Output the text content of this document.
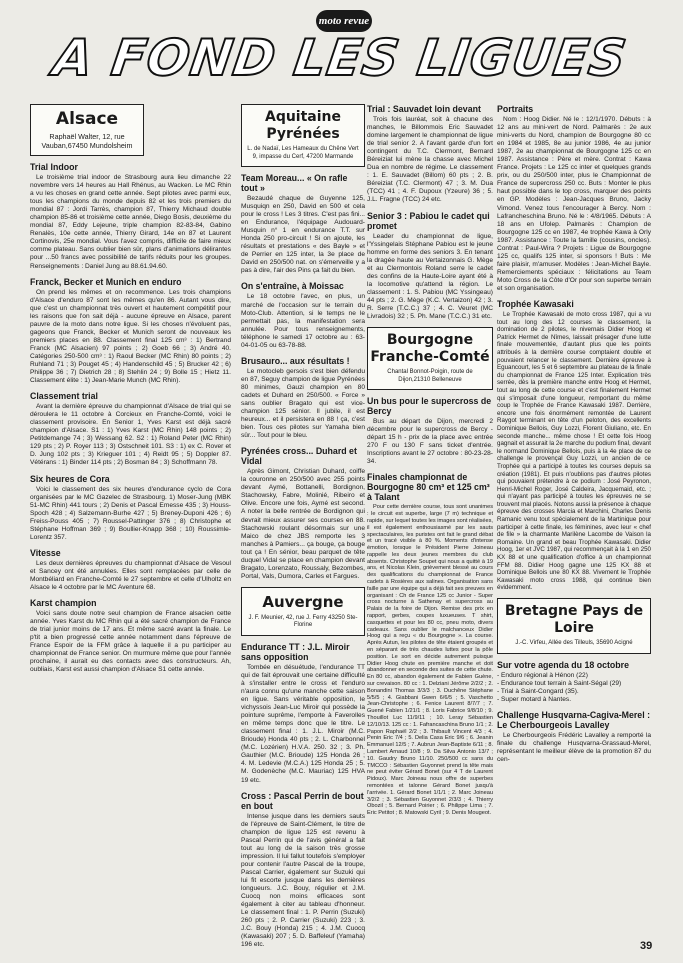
moto revue
A FOND LES LIGUES
Alsace
Raphaël Walter, 12, rue Vauban,67450 Mundolsheim
Trial Indoor

Le troisième trial indoor de Strasbourg aura lieu dimanche 22 novembre vers 14 heures au Hall Rhénus, au Wacken. Le MC Rhin a vu les choses en grand cette année. Sept pilotes avec parmi eux, tous les champions du monde depuis 82 et les trois premiers du mondial 87 : Jordi Tarrès, champion 87, Thierry Michaud double champion 85-86 et troisième cette année, Diego Bosis, deuxième du mondial 87, Eddy Lejeune, triple champion 82-83-84, Gabino Renalès, 10e cette année, Thierry Girard, 14e en 87 et Laurent Cortinovis, 25e mondial. Vous l'avez compris, difficile de faire mieux comme plateau. Sans oublier bien sûr, plans d'animations délirantes pour ...50 francs avec possibilité de tarifs réduits pour les groupes. Renseignements : Daniel Jung au 88.61.94.60.

Franck, Becker et Munich en enduro

On prend les mêmes et on recommence. Les trois champions d'Alsace d'enduro 87 sont les mêmes qu'en 86. Autant vous dire, que c'est un championnat très ouvert et hautement compétitif pour les raisons que l'on sait déjà - aucune épreuve en Alsace, parent pauvre de la moto dans notre ligue. Si les choses n'évoluent pas, gageons que Franck, Becker et Munich seront de nouveaux les premiers places en 88. Classement final 125 cm³ : 1) Bertrand Franck (MC Alsacien) 97 points ; 2) Goeb 66 ; 3) André 40. Catégories 250-500 cm³ : 1) Raoul Becker (MC Rhin) 80 points ; 2) Ruhland 71 ; 3) Pouget 45 ; 4) Handenschild 45 ; 5) Brucker 42 ; 6) Philippe 36 ; 7) Dietrich 28 ; 8) Stehlin 24 ; 9) Bolle 15 ; Hietz 11. Classement élite : 1) Jean-Marie Munch (MC Rhin).

Classement trial

Avant la dernière épreuve du championnat d'Alsace de trial qui se déroulera le 11 octobre à Corcieux en Franche-Comté, voici le classement provisoire. En Senior 1, Yves Karst est déjà sacré champion d'Alsace. S1 : 1) Yves Karst (MC Rhin) 148 points ; 2) Petitdemange 74 ; 3) Wessang 62. S2 : 1) Roland Peter (MC Rhin) 129 pts ; 2) P. Royer 113 ; 3) Ostschneit 101. S3 : 1) ex C. Rover et D. Jung 102 pts ; 3) Krieguer 101 ; 4) Reidt 95 ; 5) Doppler 87. Vétérans : 1) Binder 114 pts ; 2) Bosman 84 ; 3) Schoffmann 78.

Six heures de Cora

Voici le classement des six heures d'endurance cyclo de Cora organisées par le MC Gazelec de Strasbourg. 1) Moser-Jung (MBK 51-MC Rhin) 441 tours ; 2) Denis et Pascal Emesse 435 ; 3) Houss-Spoch 428 ; 4) Salzemann-Burhe 427 ; 5) Breney-Duponi 426 ; 6) Freiss-Pouss 405 ; 7) Roussel-Pattinger 376 ; 8) Christophe et Stéphane Hoffman 369 ; 9) Boullier-Knapp 368 ; 10) Roussimle-Lorentz 357.

Vitesse

Les deux dernières épreuves du championnat d'Alsace de Vesoul et Sancey ont été annulées. Elles sont remplacées par celle de Montbéliard en Franche-Comté le 27 septembre et celle d'Ulholtz en Alsace le 4 octobre par le MC Aventure 68.

Karst champion

Voici sans doute notre seul champion de France alsacien cette année. Yves Karst du MC Rhin qui a été sacré champion de France de trial junior moins de 17 ans. Et même sacré avant la finale. Le p'tit a bien progressé cette année notamment dans l'épreuve de France Espoir de la FFM grâce à laquelle il a pu participer au championnat de France senior. On murmure même que pour l'année prochaine, il aurait eu des contacts avec des constructeurs. Ah, oubliais, Karst est aussi champion d'Alsace S1 cette année.

Aquitaine Pyrénées
L. de Nadaï, Les Hameaux du Chêne Vert 9, impasse du Cerf, 47200 Marmande
Team Moreau... « On rafle tout »

Bezaudé chaque de Guyenne 125, Musquiqn en 250, David en 500 et cela pour le cross ! Les 3 titres. C'est pas fini... en Endurance, l'équipage Audouard-Musquin n° 1 en endurance T.T. sur Honda 250 pro-circuit ! Si on ajoute, les résultats et prestations « des Bayle » et de Perrier en 125 inter, la 3e place de David en 250/500 nat. on s'émerveille y a pas à dire, l'air des Pins ça fait du bien.

On s'entraîne, à Moissac

Le 18 octobre l'avec, en plus, un marché de l'occasion sur le terrain du Moto-Club. Attention, si le temps ne le permettait pas, la manifestation sera annulée. Pour tous renseignements, téléphone le samedi 17 octobre au : 63-04-01-05 ou 63-78-88.

Brusauro... aux résultats !

Le motocleb gersois s'est bien défendu en 87, Seguy champion de ligue Pyrénées 80 minimes, Gauzi champion en 80 cadets et Duhard en 250/500. « Force » sans oublier Bragato qui est vice-champion 125 sénior. Il jubile, il est heureux... et il persistera en 88 ! ça, c'est bien. Tous ces pilotes sur Yamaha bien sûr... Tout pour le bleu.

Pyrénées cross... Duhard et Vidal

Après Gimont, Christian Duhard, coiffe la couronne en 250/500 avec 255 points devant Aymé, Bottanelli, Bordignon, Stachowsky, Fabre, Molinié, Ribeiro et Olive. Encore une fois, Aymé est second. A noter la belle rentrée de Bordignon qui devrait mieux assurer ses courses en 88. Stachowski roulant désormais sur une Maico de chez JBS remporte les 3 manches à Pamiers... ça bouge, ça bouge tout ça ! En sénior, beau parquet de tête duquel Vidal se place en champion devant Bragato, Lorenzato, Roussaly, Bezombes, Portal, Vals, Dumora, Carles et Fargues.

Auvergne
J. F. Meunier, 42, rue J. Ferry 43250 Ste-Florine
Endurance TT : J.L. Miroir sans opposition

Tombée en désuétude, l'endurance TT qui de fait éprouvait une certaine difficulté à s'installer entre le cross et l'enduro n'aura connu qu'une manche cette saison en ligue. Sans véritable opposition, le vichyssois Jean-Luc Miroir qui possède la pointure suprême, l'emporte à Faverolles en même temps donc que le titre. Le classement final : 1. J.L. Miroir (M.C. Brioude) Honda 40 pts ; 2. L. Charbonnel (M.C. Lozérien) H.V.A. 250. 32 ; 3. Ph. Gauthier (M.C. Brioude) 125 Honda 26 ; 4. M. Ledevie (M.C.A.) 125 Honda 25 ; 5. M. Godenèche (M.C. Mauriac) 125 HVA 19 etc.

Cross : Pascal Perrin de bout en bout

Intense jusque dans les derniers sauts de l'épreuve de Saint-Clément, le titre de champion de ligue 125 est revenu à Pascal Perrin qui de l'avis général a fait tout au long de la saison très grosse impression. Il lui fallut toutefois s'employer pour contenir l'autre Pascal de la troupe, Pascal Carrier, également sur Suzuki qui lui fit escorte jusque dans les dernières longueurs. J.C. Bouy, régulier et J.M. Cuocq non moins efficaces sont également à citer au tableau d'honneur. Le classement final : 1. P. Perrin (Suzuki) 260 pts ; 2. P. Carrier (Suzuki) 223 ; 3. J.C. Bouy (Honda) 215 ; 4. J.M. Cuocq (Kawasaki) 207 ; 5. D. Baffeleuf (Yamaha) 196 etc.

Trial : Sauvadet loin devant

Trois fois lauréat, soit à chacune des manches, le Billommois Eric Sauvadet domine largement le championnat de ligue de trial senior 2. A l'avant garde d'un fort contingent du T.C. Clermont, Bernard Béreiziat lui mène la chasse avec Michel Dua en nombre de régime. Le classement : 1. E. Sauvadet (Billom) 60 pts ; 2. B. Béreiziat (T.C. Clermont) 47 ; 3. M. Dua (TCC) 41 ; 4. F. Dupoux (Yzeure) 36 ; 5. J.L. Fragne (TCC) 24 etc.

Senior 3 : Pabiou le cadet qui promet

Leader du championnat de ligue, l'Yssingelais Stéphane Pabiou est le jeune homme en forme des seniors 3. En tenant la dragée haute au Vertaizonnais G. Mège et au Clermontois Roland serre le cadet des confins de la Haute-Loire ayant été à la locomotive qu'attend la région. Le classement : 1. S. Pabiou (MC Yssingeau) 44 pts ; 2. G. Mège (K.C. Vertaizon) 42 ; 3. R. Serre (T.C.C.) 37 ; 4. C. Veuret (MC Livradois) 32 ; 5. Ph. Mane (T.C.C.) 31 etc.

Bourgogne Franche-Comté
Chantal Bonnot-Poigin, route de Dijon,21310 Belleneuve
Un bus pour le supercross de Bercy

Bus au départ de Dijon, mercredi 2 décembre pour le supercross de Bercy - départ 15 h - prix de la place avec entrée 270 F ou 130 F sans ticket d'entrée. Inscriptions avant le 27 octobre : 80-23-28-34.

Finales championnat de Bourgogne 80 cm³ et 125 cm³ à Talant

Pour cette dernière course, tous sont unanimes : le circuit est superbe, large (7 m) technique et rapide, sur lequel toutes les images sont réalisées, il est également enthousiasmé par les sauts spectaculaires, les puristes ont fait le grand débat et un tracé visible à 80 %. Moments d'intense émotion, lorsque le Président Pierre Joineau rappelle les deux jeunes membres du club absents. Christophe Soupet qui nous a quitté à 19 ans, et Nicolas Klein, grièvement blessé au cours des qualifications du championnat de France cadets à Rosières aux salines. Organisation sans faille par une équipe qui a déjà fait ses preuves en organisant : Ch de France 125 cc Junior - Super cross nocturne à Sathenay et supercross au Palais de la foire de Dijon. Remise des prix en rapport, gerbes, coupes luxueuses. T shirt, casquettes et pour les 80 cc, pneu moto, divers cadeaux. Sans oublier le malchanceux Didier Hoog qui a reçu « du Bourgogne ». La course. Après Autun, les pilotes de tête étaient groupés et en séparant de très chaudes luttes pour la pôle position. Le sort en décide autrement puisque Didier Hoog chute en première manche et doit abandonner en seconde des suites de cette chute. En 80 cc, abandon également de Fabien Guène, sur crevaison. 80 cc : 1. Delziani Jérôme 2/2/2 ; 2. Bonandini Thomas 3/3/3 ; 3. Duchêne Stéphane 5/5/5 ; 4. Giabbani Gwen 6/6/5 ; 5. Vaschetto Jean-Christophe ; 6. Fenice Laurent 8/7/7 ; 7. Guené Fabien 1/21/1 ; 8. Loris Fabrice 9/8/10 ; 9. Thouillot Luc 11/9/11 ; 10. Leray Sébastien 12/10/13. 125 cc : 1. Fafrancaschina Bruno 1/1 ; 2. Papon Raphaël 2/2 ; 3. Thibault Vincent 4/3 ; 4. Penin Eric 7/4 ; 5. Delia Casa Eric 9/6 ; 6. Jeanin Emmanuel 12/5 ; 7. Aubrun Jean-Baptiste 6/11 ; 8. Lambert Arnaud 10/8 ; 9. Da Silva Antonio 13/7 ; 10. Gaudry Bruno 11/10. 250/500 cc sans du TMCCO : Sébastien Guyonnet prend la tête mais ne peut éviter Gérard Bonet (sur 4 T de Laurent Pidoux). Marc Joineau nous offre de superbes remontées et talonne Gérard Bonet jusqu'à l'arrivée. 1. Gérard Bonet 1/1/1 ; 2. Marc Joineau 3/2/2 ; 3. Sébastien Guyonnet 2/3/3 ; 4. Thierry Obozil ; 5. Bernard Poirier ; 6. Philippe Lima ; 7. Eric Petitot ; 8. Matowski Cyril ; 9. Denis Mougeot.

Portraits

Nom : Hoog Didier. Né le : 12/1/1970. Débuts : à 12 ans au mini-vert de Nord. Palmarès : 2e aux mini-verts du Nord, champion de Bourgogne 80 cc en 1984 et 1985, 8e au junior 1986, 4e au junior 1987, 2e au championnat de Bourgogne 125 cc en 1987. Assistance : Père et mère. Contrat : Kawa France. Projets : Le 125 cc inter et quelques grands prix, ou du 250/500 inter, plus le Championnat de France de supercross 250 cc. Buts : Monter le plus haut possible dans le top cross, marquer des points en GP. Modèles : Jean-Jacques Bruno, Jacky Vimond. Venez tous l'encourager à Bercy. Nom : Lafrancheschina Bruno. Né le : 4/8/1965. Débuts : A 18 ans en Ufolep. Palmarès : Champion de Bourgogne 125 cc en 1987, 4e trophée Kawa à Orly 1987. Assistance : Toute la famille (cousins, oncles). Contrat : Paul-Wira ? Projets : Ligue de Bourgogne 125 cc, qualifs 125 inter, si sponsors ! Buts : Me faire plaisir, m'amuser. Modèles : Jean-Michel Bayle. Remerciements spéciaux : félicitations au Team Moto Cross de la Côte d'Or pour son superbe terrain et son organisation.

Trophée Kawasaki

Le Trophée Kawasaki de moto cross 1987, qui a vu tout au long des 12 courses le classement, la domination de 2 pilotes, le nivernais Didier Hoog et Patrick Hermet de Nîmes, laissait présager d'une lutte finale mouvementée, d'autant plus que les points attribués à la dernière course comptaient double et pouvaient relancer le classement. Dernière épreuve à Eguancourt, les 5 et 6 septembre au plateau de la finale du championnat de France 125 Inter. Explication très serrée, dès la première manche entre Hoog et Hermet, tout au long de cette course et c'est finalement Hermet qui s'imposait d'une longueur, remportant du même coup le Trophée de France Kawasaki 1987. Derrière, encore une fois énormément remontée de Laurent Raygot terminant en tête d'un peloton, des excellents Dominique Bellois, Guy Lozzi, Florent Giuliano, etc. En seconde manche... même chose ! Et cette fois Hoog gagnait et assurait la 2e marche du podium final, devant le normand Dominique Bellois, puis à la 4e place de ce challenge le provençal Guy Lozzi, un ancien de ce Trophée qui a participé à toutes les courses depuis sa création (1981). Et puis n'oublions pas d'autres pilotes qui pouvaient prétendre à ce podium : José Peyronon, Henri-Michel Roger, José Caldeira, Jacquemaid, etc. ; qui n'ayant pas participé à toutes les épreuves ne se trouvent mal placés. Notons aussi la présence à chaque épreuve des crosses Marcia et Marchini, Charles Denis Ramanic venu tout spécialement de la Martinique pour participer à cette finale, les féminines, avec leur « chef de file » la charmante Marilène Lacombe de Vaison la Romaine. Un grand et beau Trophée Kawasaki. Didier Hoog, 1er et JVC 1987, qui recommençait à la 1 en 250 KX 88 et une qualification d'office à un championnat FFM 88. Didier Hoog gagne une 125 KX 88 et Dominique Bellois une 80 KX 88. Vivement le Trophée Kawasaki moto cross 1988, qui continue bien évidemment.

Bretagne Pays de Loire
J.-C. Virfeu, Allée des Tilleuls, 35690 Acigné
Sur votre agenda du 18 octobre
- Enduro régional à Hénon (22)
- Endurance tout terrain à Saint-Ségal (29)
- Trial à Saint-Congard (35).
- Super motard à Nantes.
Challenge Husqvarna-Cagiva-Merel : Le Cherbourgeois Lavalley

Le Cherbourgeois Frédéric Lavalley a remporté la finale du challenge Husqvarna-Grassaud-Merel, représentant le meilleur élève de la promotion 87 du cen-

39
